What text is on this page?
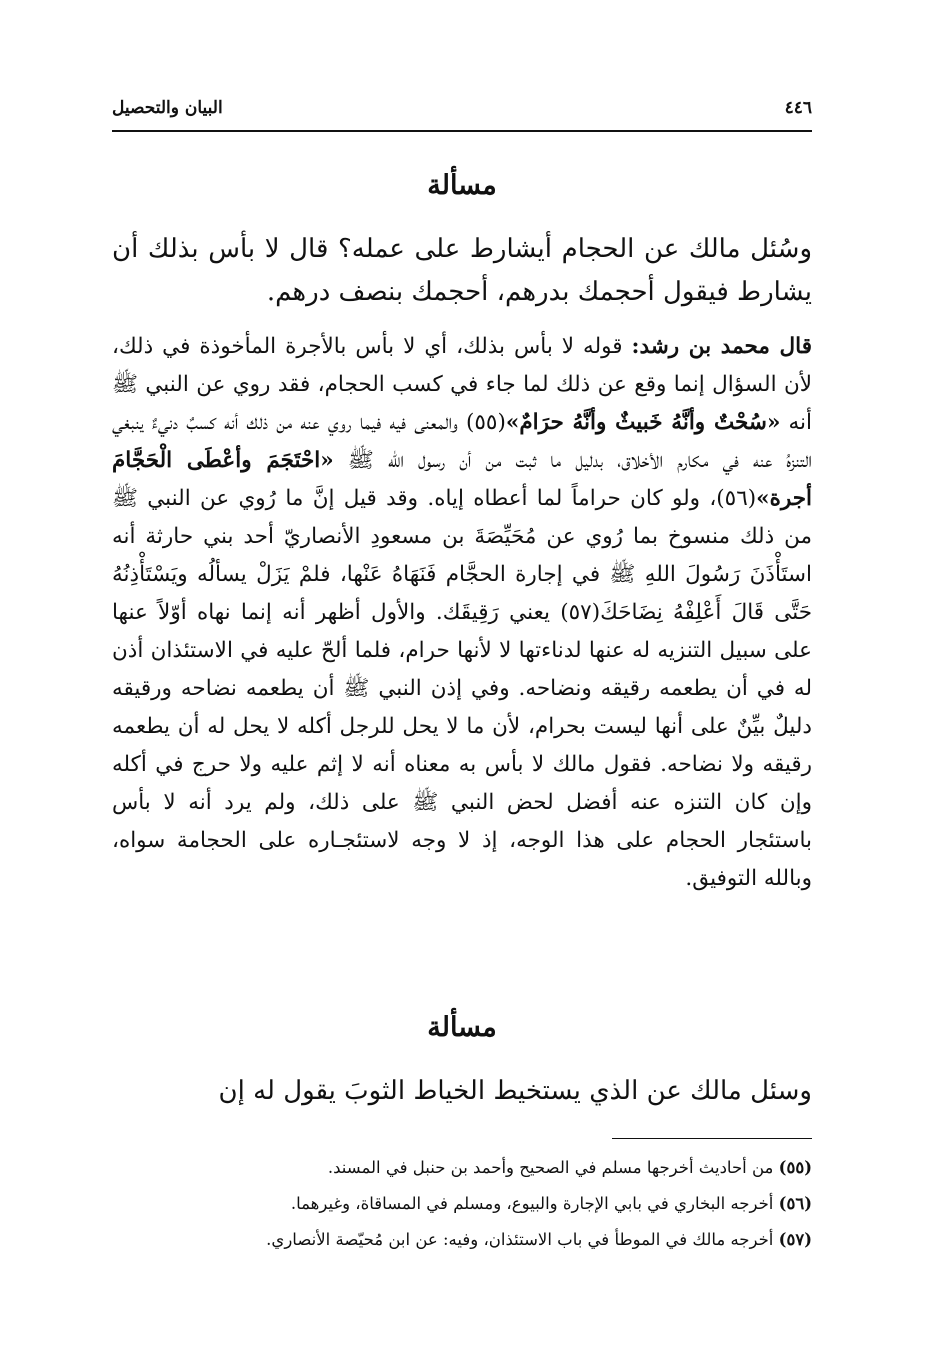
البيان والتحصيل	٤٤٦
مسألة

وسُئل مالك عن الحجام أيشارط على عمله؟ قال لا بأس بذلك أن يشارط فيقول أحجمك بدرهم، أحجمك بنصف درهم.

قال محمد بن رشد: قوله لا بأس بذلك، أي لا بأس بالأجرة المأخوذة في ذلك، لأن السؤال إنما وقع عن ذلك لما جاء في كسب الحجام، فقد روي عن النبي ﷺ أنه «سُحْتٌ وأنَّهُ خَبيثٌ وأنَّهُ حرَامٌ»(٥٥) والمعنى فيه فيما روي عنه من ذلك أنه كسبٌ دنيءٌ ينبغي التنزهُ عنه في مكارم الأخلاق، بدليل ما ثبت من أن رسول الله ﷺ «احْتَجَمَ وأعْطَى الْحَجَّامَ أجرة»(٥٦)، ولو كان حراماً لما أعطاه إياه. وقد قيل إنَّ ما رُوي عن النبي ﷺ من ذلك منسوخ بما رُوي عن مُحَيِّصَةَ بن مسعودِ الأنصاريّ أحد بني حارثة أنه استَأْذَنَ رَسُولَ اللهِ ﷺ في إجارة الحجَّام فَنَهَاهُ عَنْها، فلمْ يَزَلْ يسألُه ويَسْتَأْذِنُهُ حَتَّى قَالَ أَعْلِفْهُ نِضَاحَكَ(٥٧) يعني رَقِيقَك. والأول أظهر أنه إنما نهاه أوّلاً عنها على سبيل التنزيه له عنها لدناءتها لا لأنها حرام، فلما ألحّ عليه في الاستئذان أذن له في أن يطعمه رقيقه ونضاحه. وفي إذن النبي ﷺ أن يطعمه نضاحه ورقيقه دليلٌ بيِّنٌ على أنها ليست بحرام، لأن ما لا يحل للرجل أكله لا يحل له أن يطعمه رقيقه ولا نضاحه. فقول مالك لا بأس به معناه أنه لا إثم عليه ولا حرج في أكله وإن كان التنزه عنه أفضل لحض النبي ﷺ على ذلك، ولم يرد أنه لا بأس باستئجار الحجام على هذا الوجه، إذ لا وجه لاستئجـاره على الحجامة سواه، وبالله التوفيق.

مسألة

وسئل مالك عن الذي يستخيط الخياط الثوبَ يقول له إن

(٥٥) من أحاديث أخرجها مسلم في الصحيح وأحمد بن حنبل في المسند.
(٥٦) أخرجه البخاري في بابي الإجارة والبيوع، ومسلم في المساقاة، وغيرهما.
(٥٧) أخرجه مالك في الموطأ في باب الاستئذان، وفيه: عن ابن مُحيّصة الأنصاري.
